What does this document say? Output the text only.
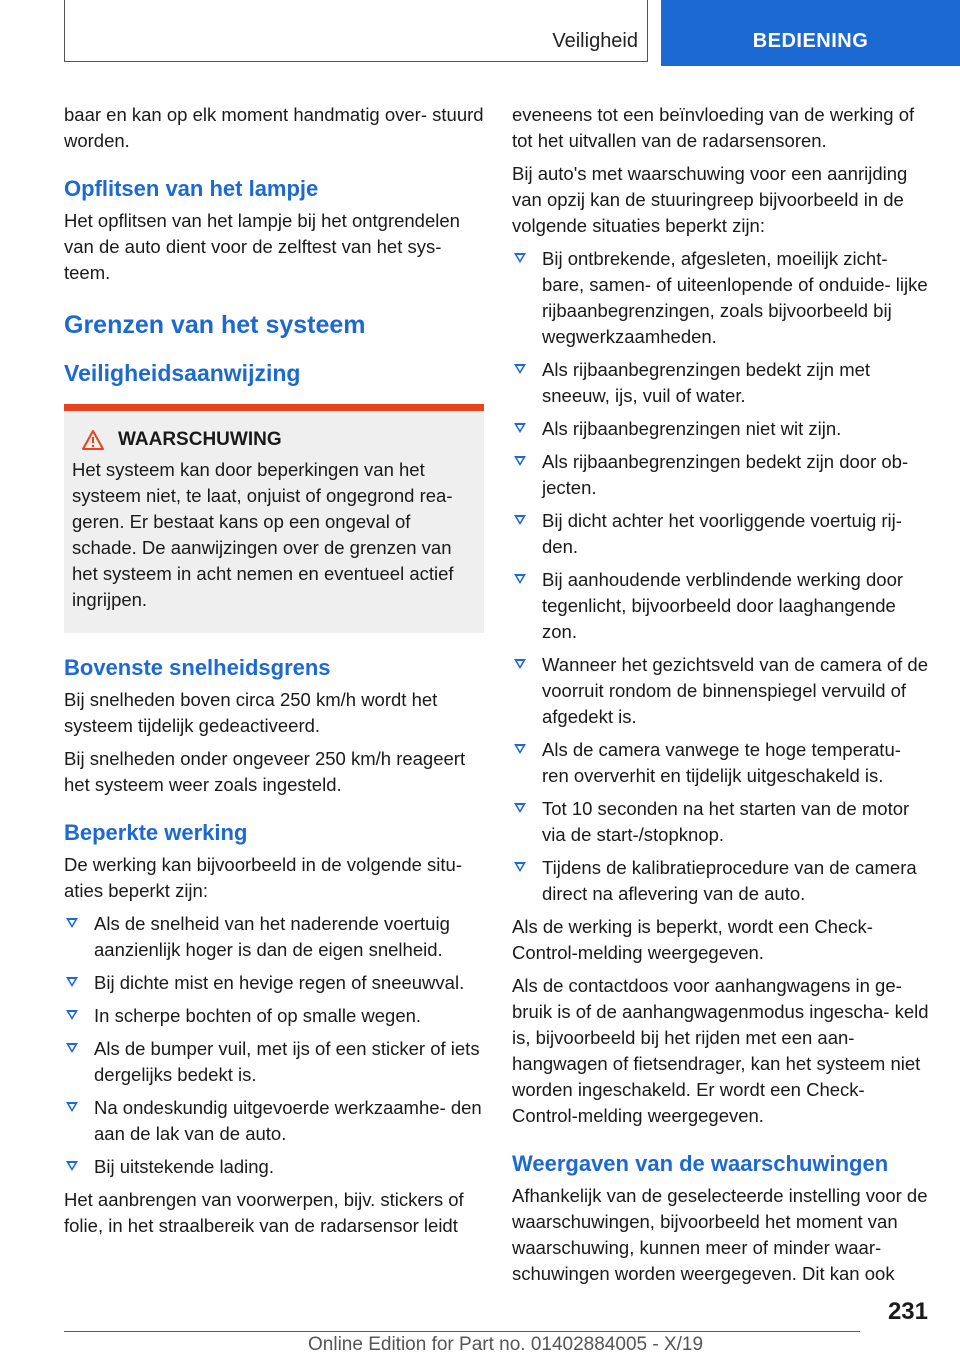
Veiligheid	BEDIENING

baar en kan op elk moment handmatig over- stuurd worden.

Opflitsen van het lampje

Het opflitsen van het lampje bij het ontgrendelen van de auto dient voor de zelftest van het sys- teem.

Grenzen van het systeem
Veiligheidsaanwijzing
WAARSCHUWING

Het systeem kan door beperkingen van het systeem niet, te laat, onjuist of ongegrond rea- geren. Er bestaat kans op een ongeval of schade. De aanwijzingen over de grenzen van het systeem in acht nemen en eventueel actief ingrijpen.

Bovenste snelheidsgrens

Bij snelheden boven circa 250 km/h wordt het systeem tijdelijk gedeactiveerd.

Bij snelheden onder ongeveer 250 km/h reageert het systeem weer zoals ingesteld.

Beperkte werking

De werking kan bijvoorbeeld in de volgende situ- aties beperkt zijn:

Als de snelheid van het naderende voertuig aanzienlijk hoger is dan de eigen snelheid.
Bij dichte mist en hevige regen of sneeuwval.
In scherpe bochten of op smalle wegen.
Als de bumper vuil, met ijs of een sticker of iets dergelijks bedekt is.
Na ondeskundig uitgevoerde werkzaamhe- den aan de lak van de auto.
Bij uitstekende lading.

Het aanbrengen van voorwerpen, bijv. stickers of folie, in het straalbereik van de radarsensor leidt

eveneens tot een beïnvloeding van de werking of tot het uitvallen van de radarsensoren.

Bij auto's met waarschuwing voor een aanrijding van opzij kan de stuuringreep bijvoorbeeld in de volgende situaties beperkt zijn:

Bij ontbrekende, afgesleten, moeilijk zicht- bare, samen- of uiteenlopende of onduide- lijke rijbaanbegrenzingen, zoals bijvoorbeeld bij wegwerkzaamheden.
Als rijbaanbegrenzingen bedekt zijn met sneeuw, ijs, vuil of water.
Als rijbaanbegrenzingen niet wit zijn.
Als rijbaanbegrenzingen bedekt zijn door ob- jecten.
Bij dicht achter het voorliggende voertuig rij- den.
Bij aanhoudende verblindende werking door tegenlicht, bijvoorbeeld door laaghangende zon.
Wanneer het gezichtsveld van de camera of de voorruit rondom de binnenspiegel vervuild of afgedekt is.
Als de camera vanwege te hoge temperatu- ren oververhit en tijdelijk uitgeschakeld is.
Tot 10 seconden na het starten van de motor via de start-/stopknop.
Tijdens de kalibratieprocedure van de camera direct na aflevering van de auto.

Als de werking is beperkt, wordt een Check- Control-melding weergegeven.

Als de contactdoos voor aanhangwagens in ge- bruik is of de aanhangwagenmodus ingescha- keld is, bijvoorbeeld bij het rijden met een aan- hangwagen of fietsendrager, kan het systeem niet worden ingeschakeld. Er wordt een Check- Control-melding weergegeven.

Weergaven van de waarschuwingen

Afhankelijk van de geselecteerde instelling voor de waarschuwingen, bijvoorbeeld het moment van waarschuwing, kunnen meer of minder waar- schuwingen worden weergegeven. Dit kan ook

231
Online Edition for Part no. 01402884005 - X/19
